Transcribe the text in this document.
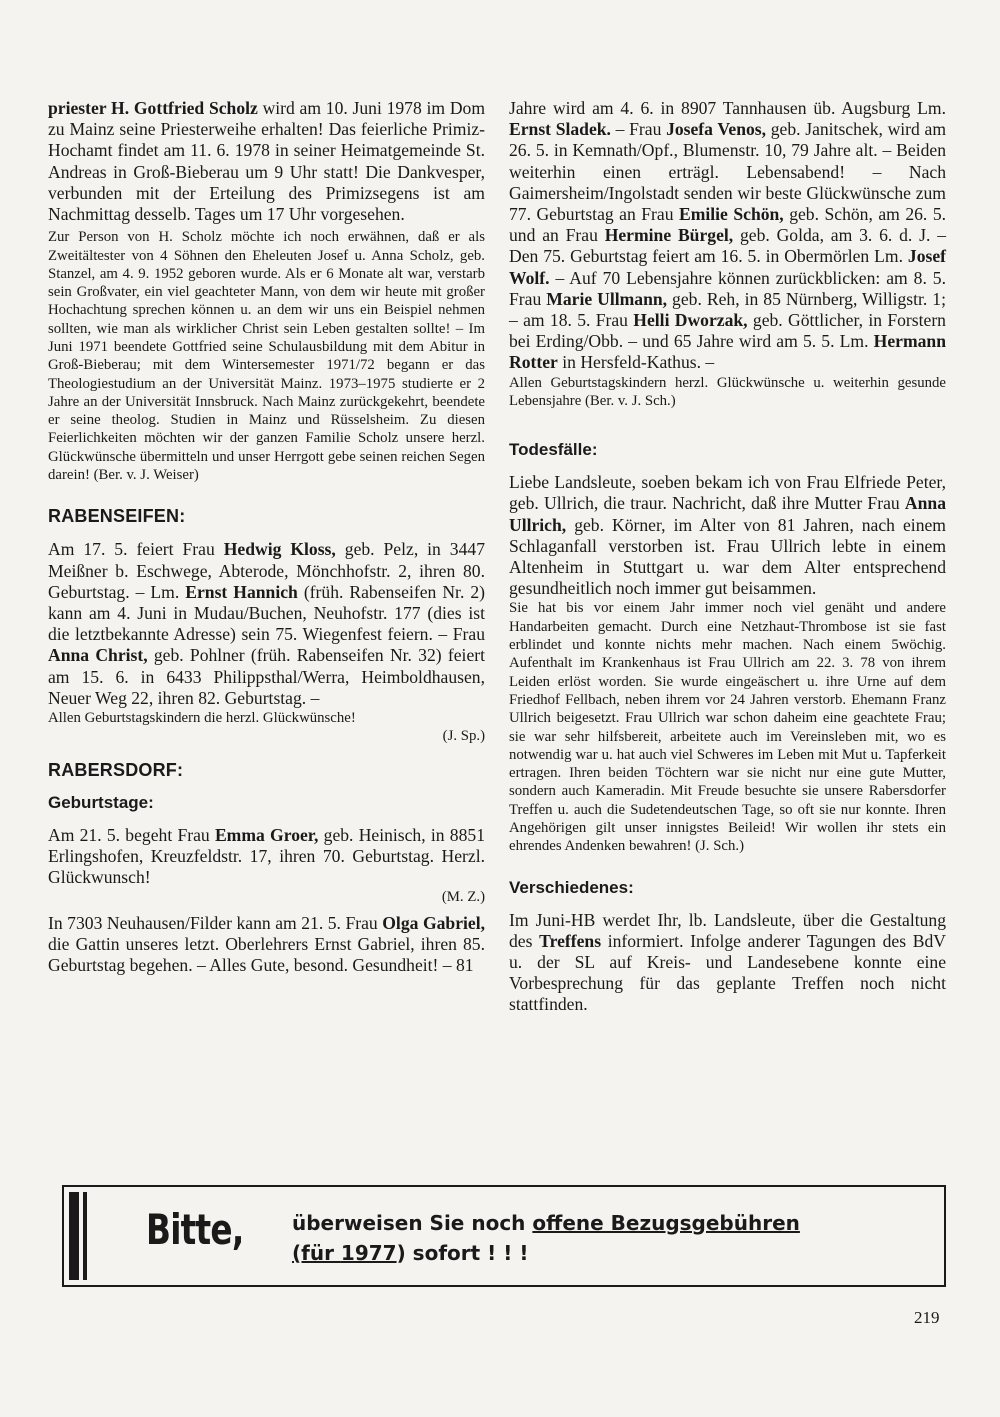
priester H. Gottfried Scholz wird am 10. Juni 1978 im Dom zu Mainz seine Priesterweihe erhalten! Das feierliche Primiz-Hochamt findet am 11. 6. 1978 in seiner Heimatgemeinde St. Andreas in Groß-Bieberau um 9 Uhr statt! Die Dankvesper, verbunden mit der Erteilung des Primizsegens ist am Nachmittag desselb. Tages um 17 Uhr vorgesehen.

Zur Person von H. Scholz möchte ich noch erwähnen, daß er als Zweitältester von 4 Söhnen den Eheleuten Josef u. Anna Scholz, geb. Stanzel, am 4. 9. 1952 geboren wurde. Als er 6 Monate alt war, verstarb sein Großvater, ein viel geachteter Mann, von dem wir heute mit großer Hochachtung sprechen können u. an dem wir uns ein Beispiel nehmen sollten, wie man als wirklicher Christ sein Leben gestalten sollte! – Im Juni 1971 beendete Gottfried seine Schulausbildung mit dem Abitur in Groß-Bieberau; mit dem Wintersemester 1971/72 begann er das Theologiestudium an der Universität Mainz. 1973–1975 studierte er 2 Jahre an der Universität Innsbruck. Nach Mainz zurückgekehrt, beendete er seine theolog. Studien in Mainz und Rüsselsheim. Zu diesen Feierlichkeiten möchten wir der ganzen Familie Scholz unsere herzl. Glückwünsche übermitteln und unser Herrgott gebe seinen reichen Segen darein! (Ber. v. J. Weiser)

RABENSEIFEN:

Am 17. 5. feiert Frau Hedwig Kloss, geb. Pelz, in 3447 Meißner b. Eschwege, Abterode, Mönchhofstr. 2, ihren 80. Geburtstag. – Lm. Ernst Hannich (früh. Rabenseifen Nr. 2) kann am 4. Juni in Mudau/Buchen, Neuhofstr. 177 (dies ist die letztbekannte Adresse) sein 75. Wiegenfest feiern. – Frau Anna Christ, geb. Pohlner (früh. Rabenseifen Nr. 32) feiert am 15. 6. in 6433 Philippsthal/Werra, Heimboldhausen, Neuer Weg 22, ihren 82. Geburtstag. –

Allen Geburtstagskindern die herzl. Glückwünsche!

(J. Sp.)
RABERSDORF:
Geburtstage:

Am 21. 5. begeht Frau Emma Groer, geb. Heinisch, in 8851 Erlingshofen, Kreuzfeldstr. 17, ihren 70. Geburtstag. Herzl. Glückwunsch!

(M. Z.)

In 7303 Neuhausen/Filder kann am 21. 5. Frau Olga Gabriel, die Gattin unseres letzt. Oberlehrers Ernst Gabriel, ihren 85. Geburtstag begehen. – Alles Gute, besond. Gesundheit! – 81

Jahre wird am 4. 6. in 8907 Tannhausen üb. Augsburg Lm. Ernst Sladek. – Frau Josefa Venos, geb. Janitschek, wird am 26. 5. in Kemnath/Opf., Blumenstr. 10, 79 Jahre alt. – Beiden weiterhin einen erträgl. Lebensabend! – Nach Gaimersheim/Ingolstadt senden wir beste Glückwünsche zum 77. Geburtstag an Frau Emilie Schön, geb. Schön, am 26. 5. und an Frau Hermine Bürgel, geb. Golda, am 3. 6. d. J. – Den 75. Geburtstag feiert am 16. 5. in Obermörlen Lm. Josef Wolf. – Auf 70 Lebensjahre können zurückblicken: am 8. 5. Frau Marie Ullmann, geb. Reh, in 85 Nürnberg, Willigstr. 1; – am 18. 5. Frau Helli Dworzak, geb. Göttlicher, in Forstern bei Erding/Obb. – und 65 Jahre wird am 5. 5. Lm. Hermann Rotter in Hersfeld-Kathus. –

Allen Geburtstagskindern herzl. Glückwünsche u. weiterhin gesunde Lebensjahre (Ber. v. J. Sch.)

Todesfälle:

Liebe Landsleute, soeben bekam ich von Frau Elfriede Peter, geb. Ullrich, die traur. Nachricht, daß ihre Mutter Frau Anna Ullrich, geb. Körner, im Alter von 81 Jahren, nach einem Schlaganfall verstorben ist. Frau Ullrich lebte in einem Altenheim in Stuttgart u. war dem Alter entsprechend gesundheitlich noch immer gut beisammen.

Sie hat bis vor einem Jahr immer noch viel genäht und andere Handarbeiten gemacht. Durch eine Netzhaut-Thrombose ist sie fast erblindet und konnte nichts mehr machen. Nach einem 5wöchig. Aufenthalt im Krankenhaus ist Frau Ullrich am 22. 3. 78 von ihrem Leiden erlöst worden. Sie wurde eingeäschert u. ihre Urne auf dem Friedhof Fellbach, neben ihrem vor 24 Jahren verstorb. Ehemann Franz Ullrich beigesetzt. Frau Ullrich war schon daheim eine geachtete Frau; sie war sehr hilfsbereit, arbeitete auch im Vereinsleben mit, wo es notwendig war u. hat auch viel Schweres im Leben mit Mut u. Tapferkeit ertragen. Ihren beiden Töchtern war sie nicht nur eine gute Mutter, sondern auch Kameradin. Mit Freude besuchte sie unsere Rabersdorfer Treffen u. auch die Sudetendeutschen Tage, so oft sie nur konnte. Ihren Angehörigen gilt unser innigstes Beileid! Wir wollen ihr stets ein ehrendes Andenken bewahren! (J. Sch.)

Verschiedenes:

Im Juni-HB werdet Ihr, lb. Landsleute, über die Gestaltung des Treffens informiert. Infolge anderer Tagungen des BdV u. der SL auf Kreis- und Landesebene konnte eine Vorbesprechung für das geplante Treffen noch nicht stattfinden.

Bitte, überweisen Sie noch offene Bezugsgebühren
(für 1977) sofort ! ! !
219
